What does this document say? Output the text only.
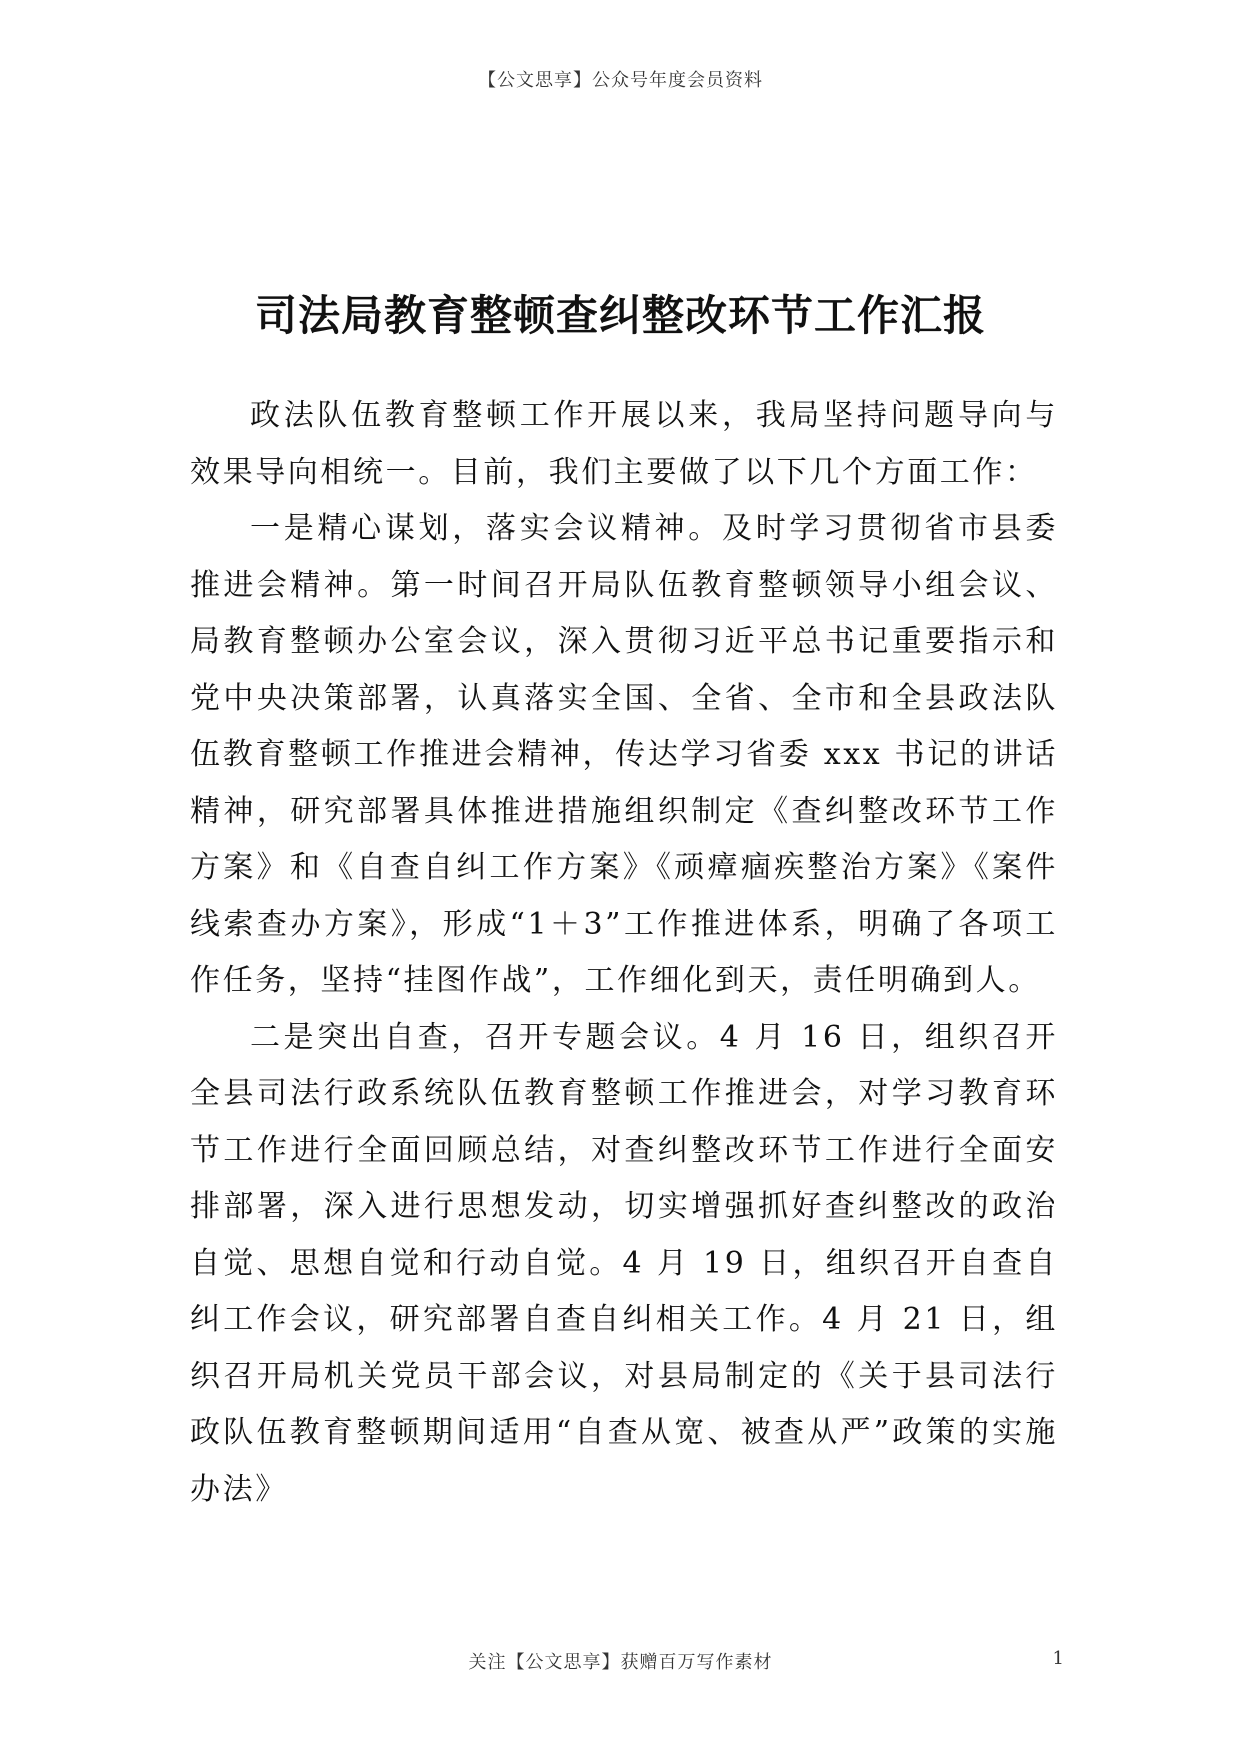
【公文思享】公众号年度会员资料
司法局教育整顿查纠整改环节工作汇报

政法队伍教育整顿工作开展以来，我局坚持问题导向与效果导向相统一。目前，我们主要做了以下几个方面工作：

一是精心谋划，落实会议精神。及时学习贯彻省市县委推进会精神。第一时间召开局队伍教育整顿领导小组会议、局教育整顿办公室会议，深入贯彻习近平总书记重要指示和党中央决策部署，认真落实全国、全省、全市和全县政法队伍教育整顿工作推进会精神，传达学习省委 xxx 书记的讲话精神，研究部署具体推进措施组织制定《查纠整改环节工作方案》和《自查自纠工作方案》《顽瘴痼疾整治方案》《案件线索查办方案》，形成“1＋3”工作推进体系，明确了各项工作任务，坚持“挂图作战”，工作细化到天，责任明确到人。

二是突出自查，召开专题会议。4 月 16 日，组织召开全县司法行政系统队伍教育整顿工作推进会，对学习教育环节工作进行全面回顾总结，对查纠整改环节工作进行全面安排部署，深入进行思想发动，切实增强抓好查纠整改的政治自觉、思想自觉和行动自觉。4 月 19 日，组织召开自查自纠工作会议，研究部署自查自纠相关工作。4 月 21 日，组织召开局机关党员干部会议，对县局制定的《关于县司法行政队伍教育整顿期间适用“自查从宽、被查从严”政策的实施办法》

关注【公文思享】获赠百万写作素材	1
